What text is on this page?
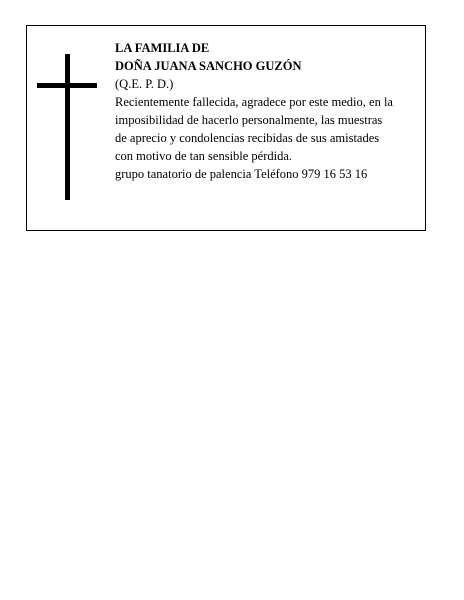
LA FAMILIA DE

DOÑA JUANA SANCHO GUZÓN

(Q.E. P. D.)

Recientemente fallecida, agradece por este medio, en la

imposibilidad de hacerlo personalmente, las muestras

de aprecio y condolencias recibidas de sus amistades

con motivo de tan sensible pérdida.

grupo tanatorio de palencia Teléfono 979 16 53 16
